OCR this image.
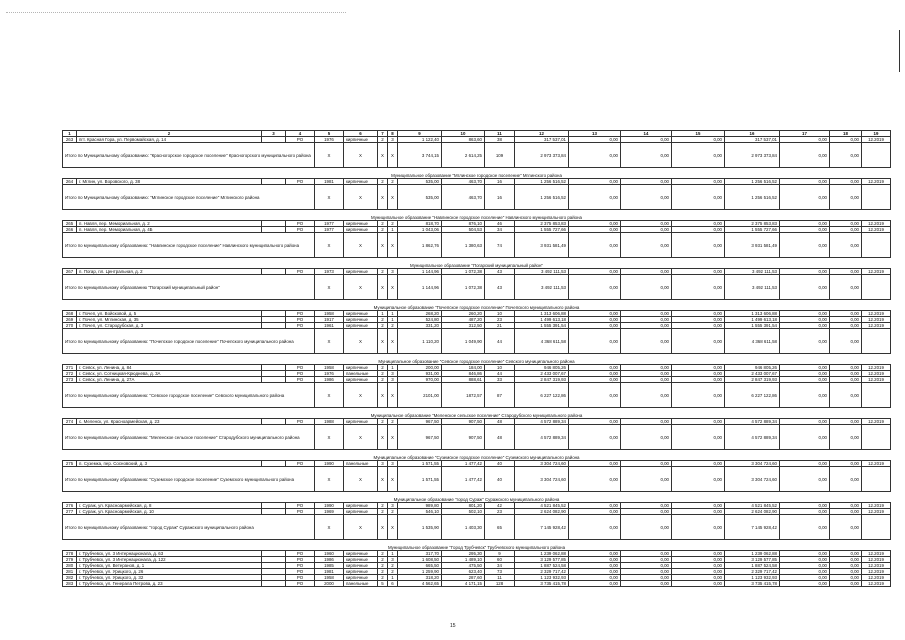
1	2	3	4	5	6	7	8	9	10	11	12	13	14	15	16	17	18	19
263	пгт. Красная Гора, ул. Первомайская, д. 14		РО	1976	кирпичные	2	3	1 122,40	863,60	38	317 537,01	0,00	0,00	0,00	317 537,01	0,00	0,00	12.2019
Итого по Муниципальному образованию: "Красногорское городское поселение" Красногорского муниципального района				X	X	X	X	3 744,15	2 614,25	109	2 973 373,84	0,00	0,00	0,00	2 973 373,84	0,00	0,00	
Муниципальное образование "Мглинское городское поселение" Мглинского района																		
264	г. Мглин, ул. Воровского, д. 38		РО	1981	кирпичные	2	2	535,00	463,70	16	1 256 516,52	0,00	0,00	0,00	1 256 516,52	0,00	0,00	12.2019
Итого по Муниципальному образованию: "Мглинское городское поселение" Мглинского района				X	X	X	X	535,00	463,70	16	1 256 516,52	0,00	0,00	0,00	1 256 516,52	0,00	0,00	
Муниципальное образование "Навлинское городское поселение" Навлинского муниципального района																		
265	п. Навля, пер. Мемориальная, д. 2		РО	1977	кирпичные	2	2	818,70	876,10	46	2 375 853,83	0,00	0,00	0,00	2 375 853,83	0,00	0,00	12.2019
266	п. Навля, пер. Мемориальная, д. 4Б		РО	1977	кирпичные	2	1	1 043,06	504,53	34	1 555 727,66	0,00	0,00	0,00	1 555 727,66	0,00	0,00	12.2019
Итого по муниципальному образованию: "Навлинское городское поселение" Навлинского муниципального района				X	X	X	X	1 862,76	1 380,63	74	3 931 581,49	0,00	0,00	0,00	3 931 581,49	0,00	0,00	
Муниципальное образование "Погарский муниципальный район"																		
267	п. Погар, пл. Центральная, д. 2		РО	1973	кирпичные	2	3	1 144,96	1 072,38	43	3 492 111,53	0,00	0,00	0,00	3 492 111,53	0,00	0,00	12.2019
Итого по муниципальному образованию "Погарский муниципальный район"				X	X	X	X	1 144,96	1 072,38	43	3 492 111,53	0,00	0,00	0,00	3 492 111,53	0,00	0,00	
Муниципальное образование "Почепское городское поселение" Почепского муниципального района																		
268	г. Почеп, ул. Войсковой, д. 5		РО	1958	кирпичные	1	1	268,20	260,20	10	1 313 606,88	0,00	0,00	0,00	1 313 606,88	0,00	0,00	12.2019
269	г. Почеп, ул. Мглинская, д. 35		РО	1917	кирпичные	2	1	524,80	487,20	23	1 499 613,18	0,00	0,00	0,00	1 499 613,18	0,00	0,00	12.2019
270	г. Почеп, ул. Стародубская, д. 3		РО	1961	кирпичные	2	2	331,20	312,50	21	1 555 391,54	0,00	0,00	0,00	1 555 391,54	0,00	0,00	12.2019
Итого по муниципальному образованию: "Почепское городское поселение" Почепского муниципального района				X	X	X	X	1 110,20	1 049,90	44	4 368 611,58	0,00	0,00	0,00	4 368 611,58	0,00	0,00	
Муниципальное образование "Севское городское поселение" Севского муниципального района																		
271	г. Севск, ул. Ленина, д. 84		РО	1958	кирпичные	2	1	200,00	184,00	10	946 805,26	0,00	0,00	0,00	946 805,26	0,00	0,00	12.2019
272	г. Севск, ул. Сотницкая-Крюднева, д. 3А		РО	1976	панельные	2	3	931,00	846,86	44	2 433 007,67	0,00	0,00	0,00	2 433 007,67	0,00	0,00	12.2019
273	г. Севск, ул. Ленина, д. 27А		РО	1986	кирпичные	2	3	970,00	888,61	33	2 847 319,93	0,00	0,00	0,00	2 847 319,93	0,00	0,00	12.2019
Итого по муниципальному образованию: "Севское городское поселение" Севского муниципального района				X	X	X	X	2101,00	1872,57	87	6 227 122,86	0,00	0,00	0,00	6 227 122,86	0,00	0,00	
Муниципальное образование "Меленское сельское поселение" Стародубского муниципального района																		
274	с. Меленск, ул. Красноармейская, д. 23		РО	1988	кирпичные	2	2	967,50	907,50	48	4 572 889,34	0,00	0,00	0,00	4 572 889,34	0,00	0,00	12.2019
Итого по муниципальному образованию: "Меленское сельское поселение" Стародубского муниципального района				X	X	X	X	967,50	907,50	48	4 572 889,34	0,00	0,00	0,00	4 572 889,34	0,00	0,00	
Муниципальное образование "Суземское городское поселение" Суземского муниципального района																		
275	п. Суземка, пер. Сосновский, д. 3		РО	1990	панельные	3	3	1 571,55	1 477,42	40	3 304 724,60	0,00	0,00	0,00	3 304 724,60	0,00	0,00	12.2019
Итого по муниципальному образованию: "Суземское городское поселение" Суземского муниципального района				X	X	X	X	1 571,55	1 477,42	40	3 304 724,60	0,00	0,00	0,00	3 304 724,60	0,00	0,00	
Муниципальное образование "город Сураж" Суражского муниципального района																		
276	г. Сураж, ул. Красноармейская, д. 8		РО	1990	кирпичные	2	3	989,80	801,20	42	4 521 845,52	0,00	0,00	0,00	4 521 845,52	0,00	0,00	12.2019
277	г. Сураж, ул. Красноармейская, д. 10		РО	1969	кирпичные	2	2	546,10	502,10	23	2 624 082,90	0,00	0,00	0,00	2 624 082,90	0,00	0,00	12.2019
Итого по муниципальному образованию: "город Сураж" Суражского муниципального района				X	X	X	X	1 535,90	1 403,30	65	7 145 928,42	0,00	0,00	0,00	7 145 928,42	0,00	0,00	
Муниципальное образование "Город Трубчевск" Трубчевского муниципального района																		
278	г. Трубчевск, ул. 3 Интернационала, д. 63		РО	1960	кирпичные	2	1	317,70	295,30	9	1 239 062,88	0,00	0,00	0,00	1 239 062,88	0,00	0,00	12.2019
279	г. Трубчевск, ул. 3 Интернационала, д. 122		РО	1986	кирпичные	2	3	1 608,50	1 489,10	60	3 129 577,85	0,00	0,00	0,00	3 129 577,85	0,00	0,00	12.2019
280	г. Трубчевск, ул. Ветеранов, д. 1		РО	1985	кирпичные	2	2	665,50	475,50	34	1 887 524,58	0,00	0,00	0,00	1 887 524,58	0,00	0,00	12.2019
281	г. Трубчевск, ул. Урицкого, д. 26		РО	1981	кирпичные	2	2	1 259,90	623,40	73	2 329 717,42	0,00	0,00	0,00	2 329 717,42	0,00	0,00	12.2019
282	г. Трубчевск, ул. Урицкого, д. 32		РО	1958	кирпичные	2	1	318,20	287,60	11	1 123 932,93	0,00	0,00	0,00	1 123 932,93	0,00	0,00	12.2019
283	г. Трубчевск, ул. Генерала Петрова, д. 23		РО	2000	панельные	5	6	4 562,65	4 171,15	128	3 735 415,78	0,00	0,00	0,00	3 735 415,78	0,00	0,00	12.2019
15
